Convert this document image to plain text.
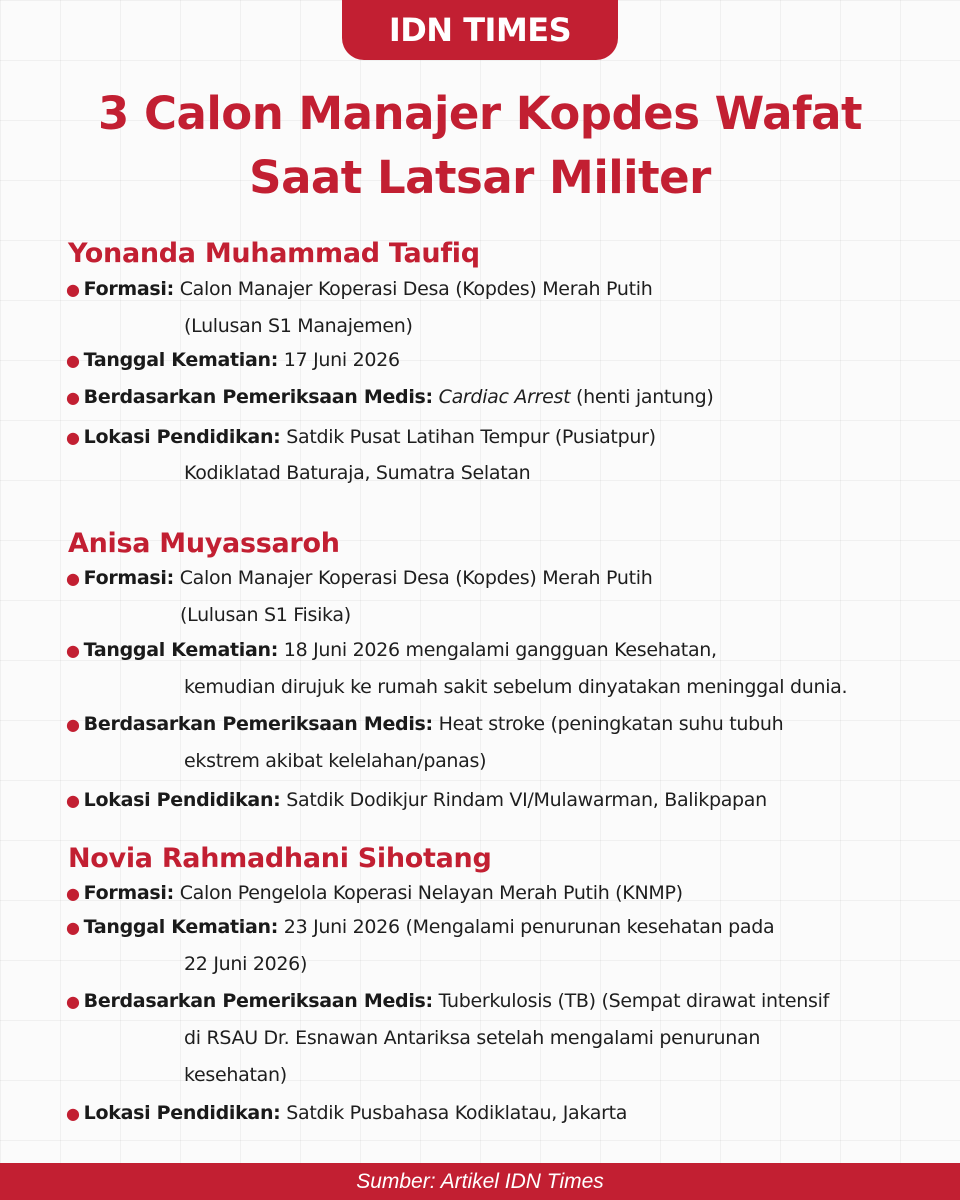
IDN TIMES
3 Calon Manajer Kopdes Wafat
Saat Latsar Militer
Yonanda Muhammad Taufiq
● Formasi: Calon Manajer Koperasi Desa (Kopdes) Merah Putih
(Lulusan S1 Manajemen)
● Tanggal Kematian: 17 Juni 2026
● Berdasarkan Pemeriksaan Medis: Cardiac Arrest (henti jantung)
● Lokasi Pendidikan: Satdik Pusat Latihan Tempur (Pusiatpur)
Kodiklatad Baturaja, Sumatra Selatan
Anisa Muyassaroh
● Formasi: Calon Manajer Koperasi Desa (Kopdes) Merah Putih
(Lulusan S1 Fisika)
● Tanggal Kematian: 18 Juni 2026 mengalami gangguan Kesehatan,
kemudian dirujuk ke rumah sakit sebelum dinyatakan meninggal dunia.
● Berdasarkan Pemeriksaan Medis: Heat stroke (peningkatan suhu tubuh
ekstrem akibat kelelahan/panas)
● Lokasi Pendidikan: Satdik Dodikjur Rindam VI/Mulawarman, Balikpapan
Novia Rahmadhani Sihotang
● Formasi: Calon Pengelola Koperasi Nelayan Merah Putih (KNMP)
● Tanggal Kematian: 23 Juni 2026 (Mengalami penurunan kesehatan pada
22 Juni 2026)
● Berdasarkan Pemeriksaan Medis: Tuberkulosis (TB) (Sempat dirawat intensif
di RSAU Dr. Esnawan Antariksa setelah mengalami penurunan
kesehatan)
● Lokasi Pendidikan: Satdik Pusbahasa Kodiklatau, Jakarta
Sumber: Artikel IDN Times
